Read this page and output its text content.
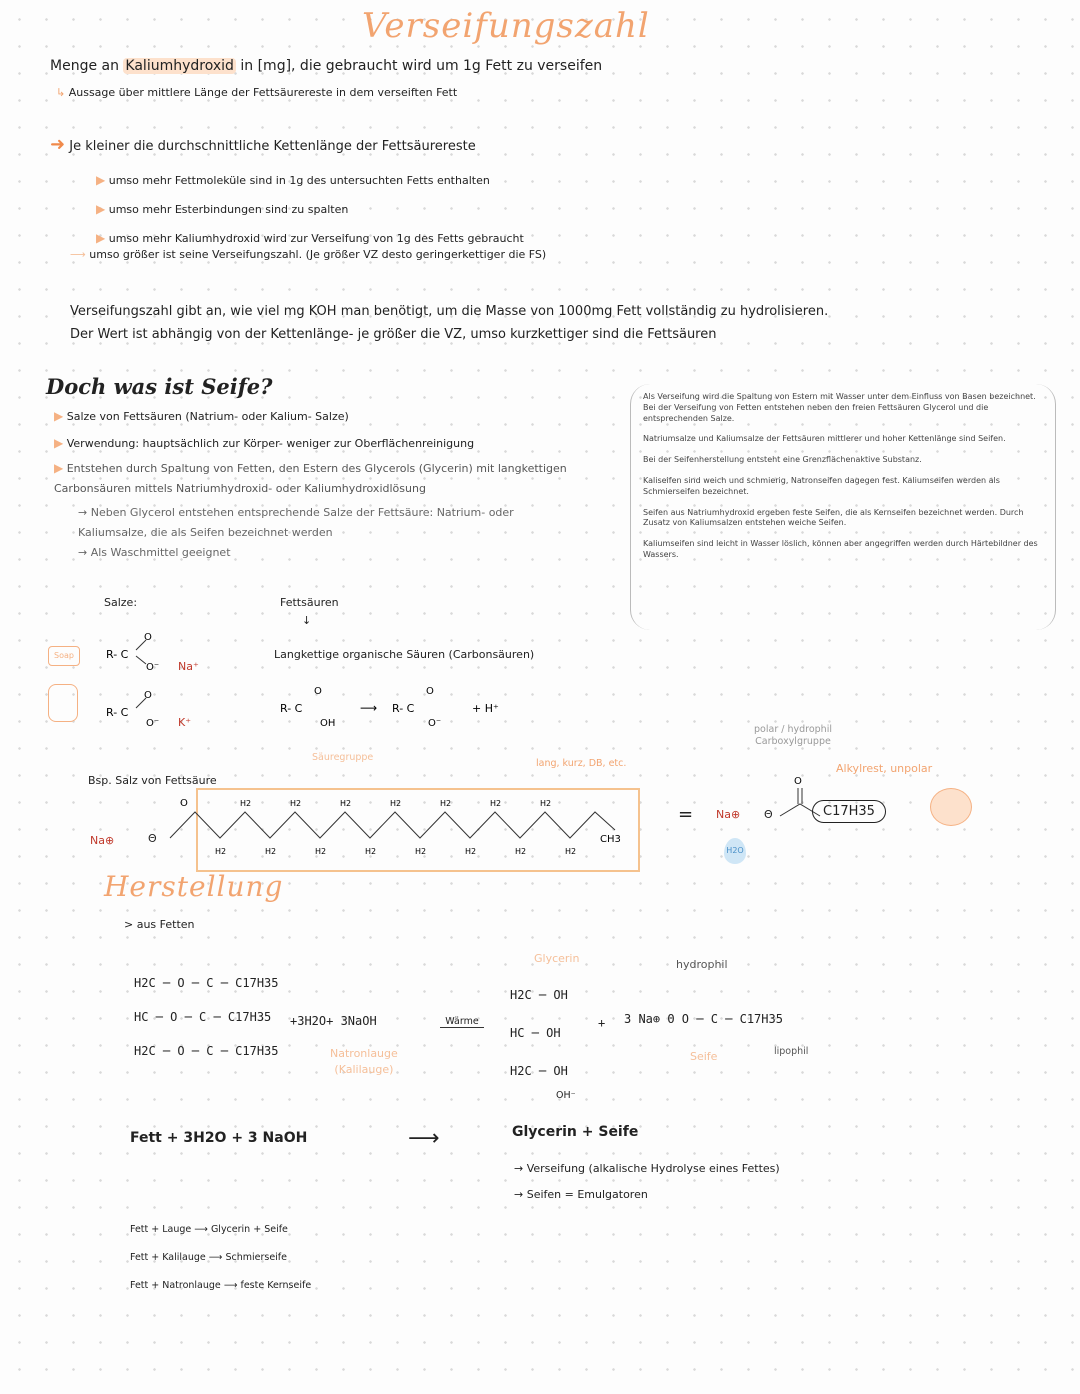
Verseifungszahl
Menge an Kaliumhydroxid in [mg], die gebraucht wird um 1g Fett zu verseifen
↳ Aussage über mittlere Länge der Fettsäurereste in dem verseiften Fett
➜ Je kleiner die durchschnittliche Kettenlänge der Fettsäurereste
▶ umso mehr Fettmoleküle sind in 1g des untersuchten Fetts enthalten
▶ umso mehr Esterbindungen sind zu spalten
▶ umso mehr Kaliumhydroxid wird zur Verseifung von 1g des Fetts gebraucht
⟶ umso größer ist seine Verseifungszahl. (Je größer VZ desto geringerkettiger die FS)
Verseifungszahl gibt an, wie viel mg KOH man benötigt, um die Masse von 1000mg Fett vollständig zu hydrolisieren.
Der Wert ist abhängig von der Kettenlänge- je größer die VZ, umso kurzkettiger sind die Fettsäuren
Doch was ist Seife?
▶ Salze von Fettsäuren (Natrium- oder Kalium- Salze)
▶ Verwendung: hauptsächlich zur Körper- weniger zur Oberflächenreinigung
▶ Entstehen durch Spaltung von Fetten, den Estern des Glycerols (Glycerin) mit langkettigen Carbonsäuren mittels Natriumhydroxid- oder Kaliumhydroxidlösung
→ Neben Glycerol entstehen entsprechende Salze der Fettsäure: Natrium- oder Kaliumsalze, die als Seifen bezeichnet werden
→ Als Waschmittel geeignet

Als Verseifung wird die Spaltung von Estern mit Wasser unter dem Einfluss von Basen bezeichnet. Bei der Verseifung von Fetten entstehen neben den freien Fettsäuren Glycerol und die entsprechenden Salze.

Natriumsalze und Kaliumsalze der Fettsäuren mittlerer und hoher Kettenlänge sind Seifen.

Bei der Seifenherstellung entsteht eine Grenzflächenaktive Substanz.

Kaliseifen sind weich und schmierig, Natronseifen dagegen fest. Kaliumseifen werden als Schmierseifen bezeichnet.

Seifen aus Natriumhydroxid ergeben feste Seifen, die als Kernseifen bezeichnet werden. Durch Zusatz von Kaliumsalzen entstehen weiche Seifen.

Kaliumseifen sind leicht in Wasser löslich, können aber angegriffen werden durch Härtebildner des Wassers.

Salze:
Soap	R- C
O
O⁻ Na⁺
R- C
O
O⁻ K⁺
Fettsäuren
↓
Langkettige organische Säuren (Carbonsäuren)
R- C
O
OH
⟶ R- C
O
O⁻
+ H⁺
Säuregruppe
Bsp. Salz von Fettsäure
lang, kurz, DB, etc.
Na⊕	Θ
O
CH3
H2	H2	H2	H2	H2	H2	H2
H2	H2	H2	H2	H2	H2	H2	H2
=
polar / hydrophil
Carboxylgruppe
Na⊕ Θ
O
C17H35
Alkylrest, unpolar
H2O
Herstellung
> aus Fetten
H2C ─ O ─ C ─ C17H35
HC ─ O ─ C ─ C17H35
H2C ─ O ─ C ─ C17H35
+3H2O+ 3NaOH
Natronlauge
(Kalilauge)
Wärme
Glycerin
H2C ─ OH
HC ─ OH
H2C ─ OH
OH⁻
+ 3 Na⊕ Θ O ─ C ─ C17H35
hydrophil
lipophil
Seife
Fett + 3H2O + 3 NaOH	⟶	Glycerin + Seife
→ Verseifung (alkalische Hydrolyse eines Fettes)
→ Seifen = Emulgatoren
Fett + Lauge ⟶ Glycerin + Seife
Fett + Kalilauge ⟶ Schmierseife
Fett + Natronlauge ⟶ feste Kernseife
